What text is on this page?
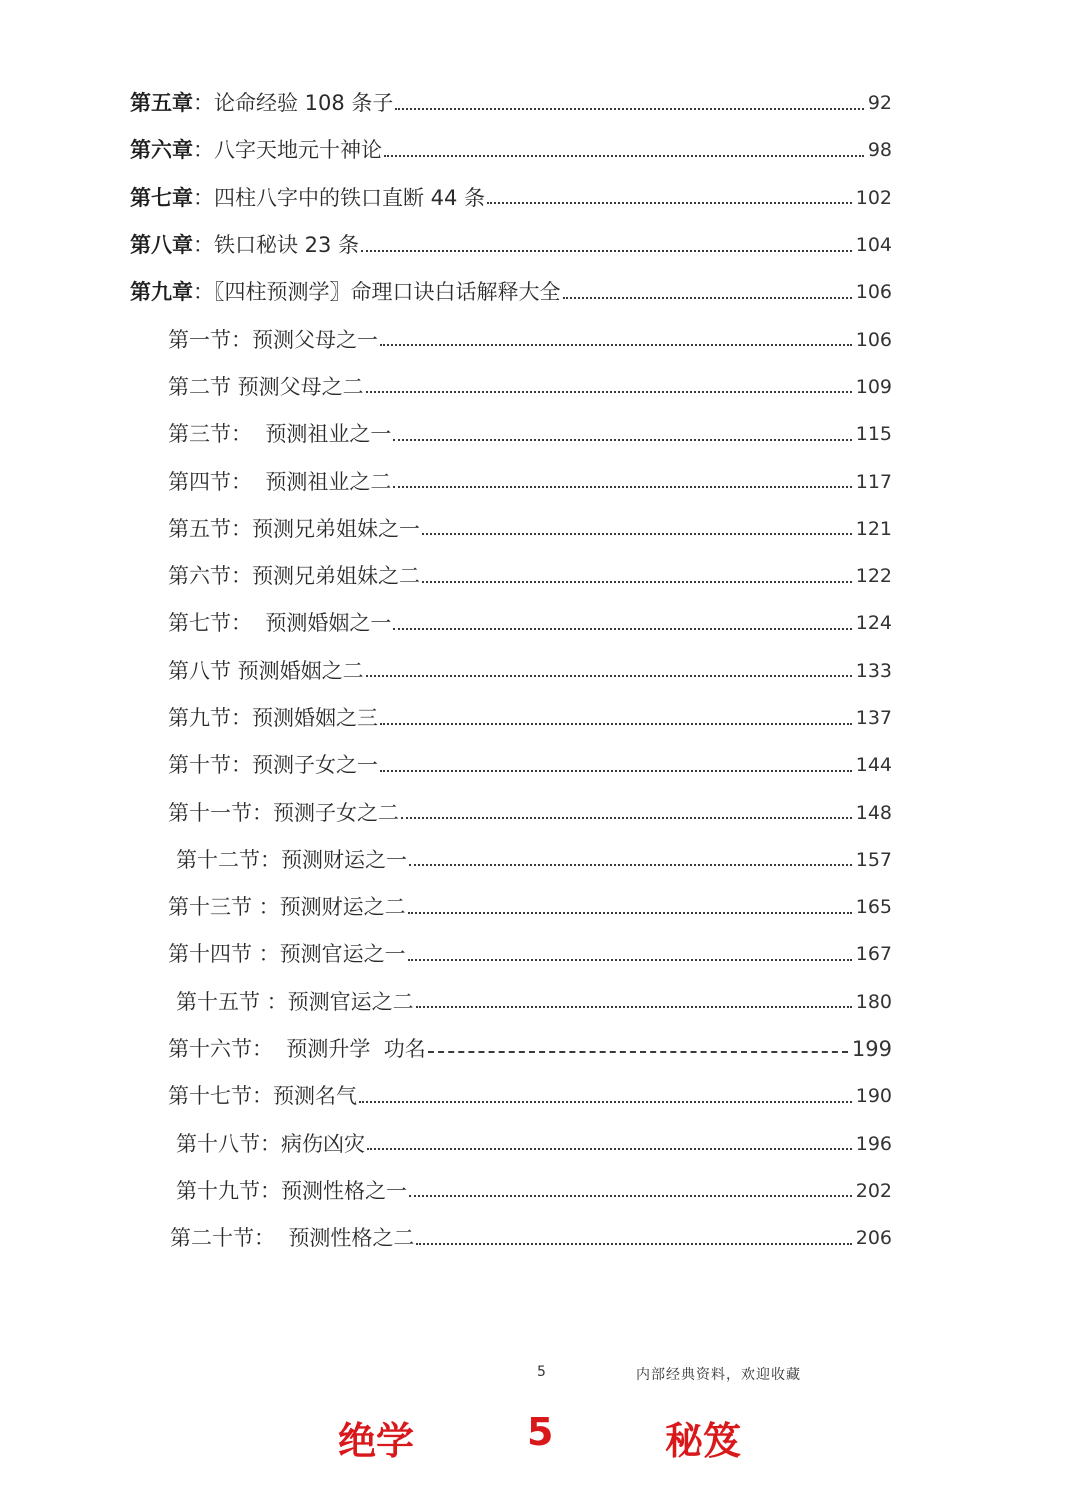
第五章：论命经验 108 条子	92
第六章：八字天地元十神论	98
第七章：四柱八字中的铁口直断 44 条	102
第八章：铁口秘诀 23 条	104
第九章：〖四柱预测学〗命理口诀白话解释大全	106
第一节：预测父母之一	106
第二节 预测父母之二	109
第三节：  预测祖业之一	115
第四节：  预测祖业之二	117
第五节：预测兄弟姐妹之一	121
第六节：预测兄弟姐妹之二	122
第七节：  预测婚姻之一	124
第八节 预测婚姻之二	133
第九节：预测婚姻之三	137
第十节：预测子女之一	144
第十一节：预测子女之二	148
第十二节：预测财运之一	157
第十三节 ：预测财运之二	165
第十四节 ：预测官运之一	167
第十五节 ：预测官运之二	180
第十六节：  预测升学  功名	199
第十七节：预测名气	190
第十八节：病伤凶灾	196
第十九节：预测性格之一	202
第二十节：  预测性格之二	206
5	内部经典资料，欢迎收藏
绝学	5	秘笈
